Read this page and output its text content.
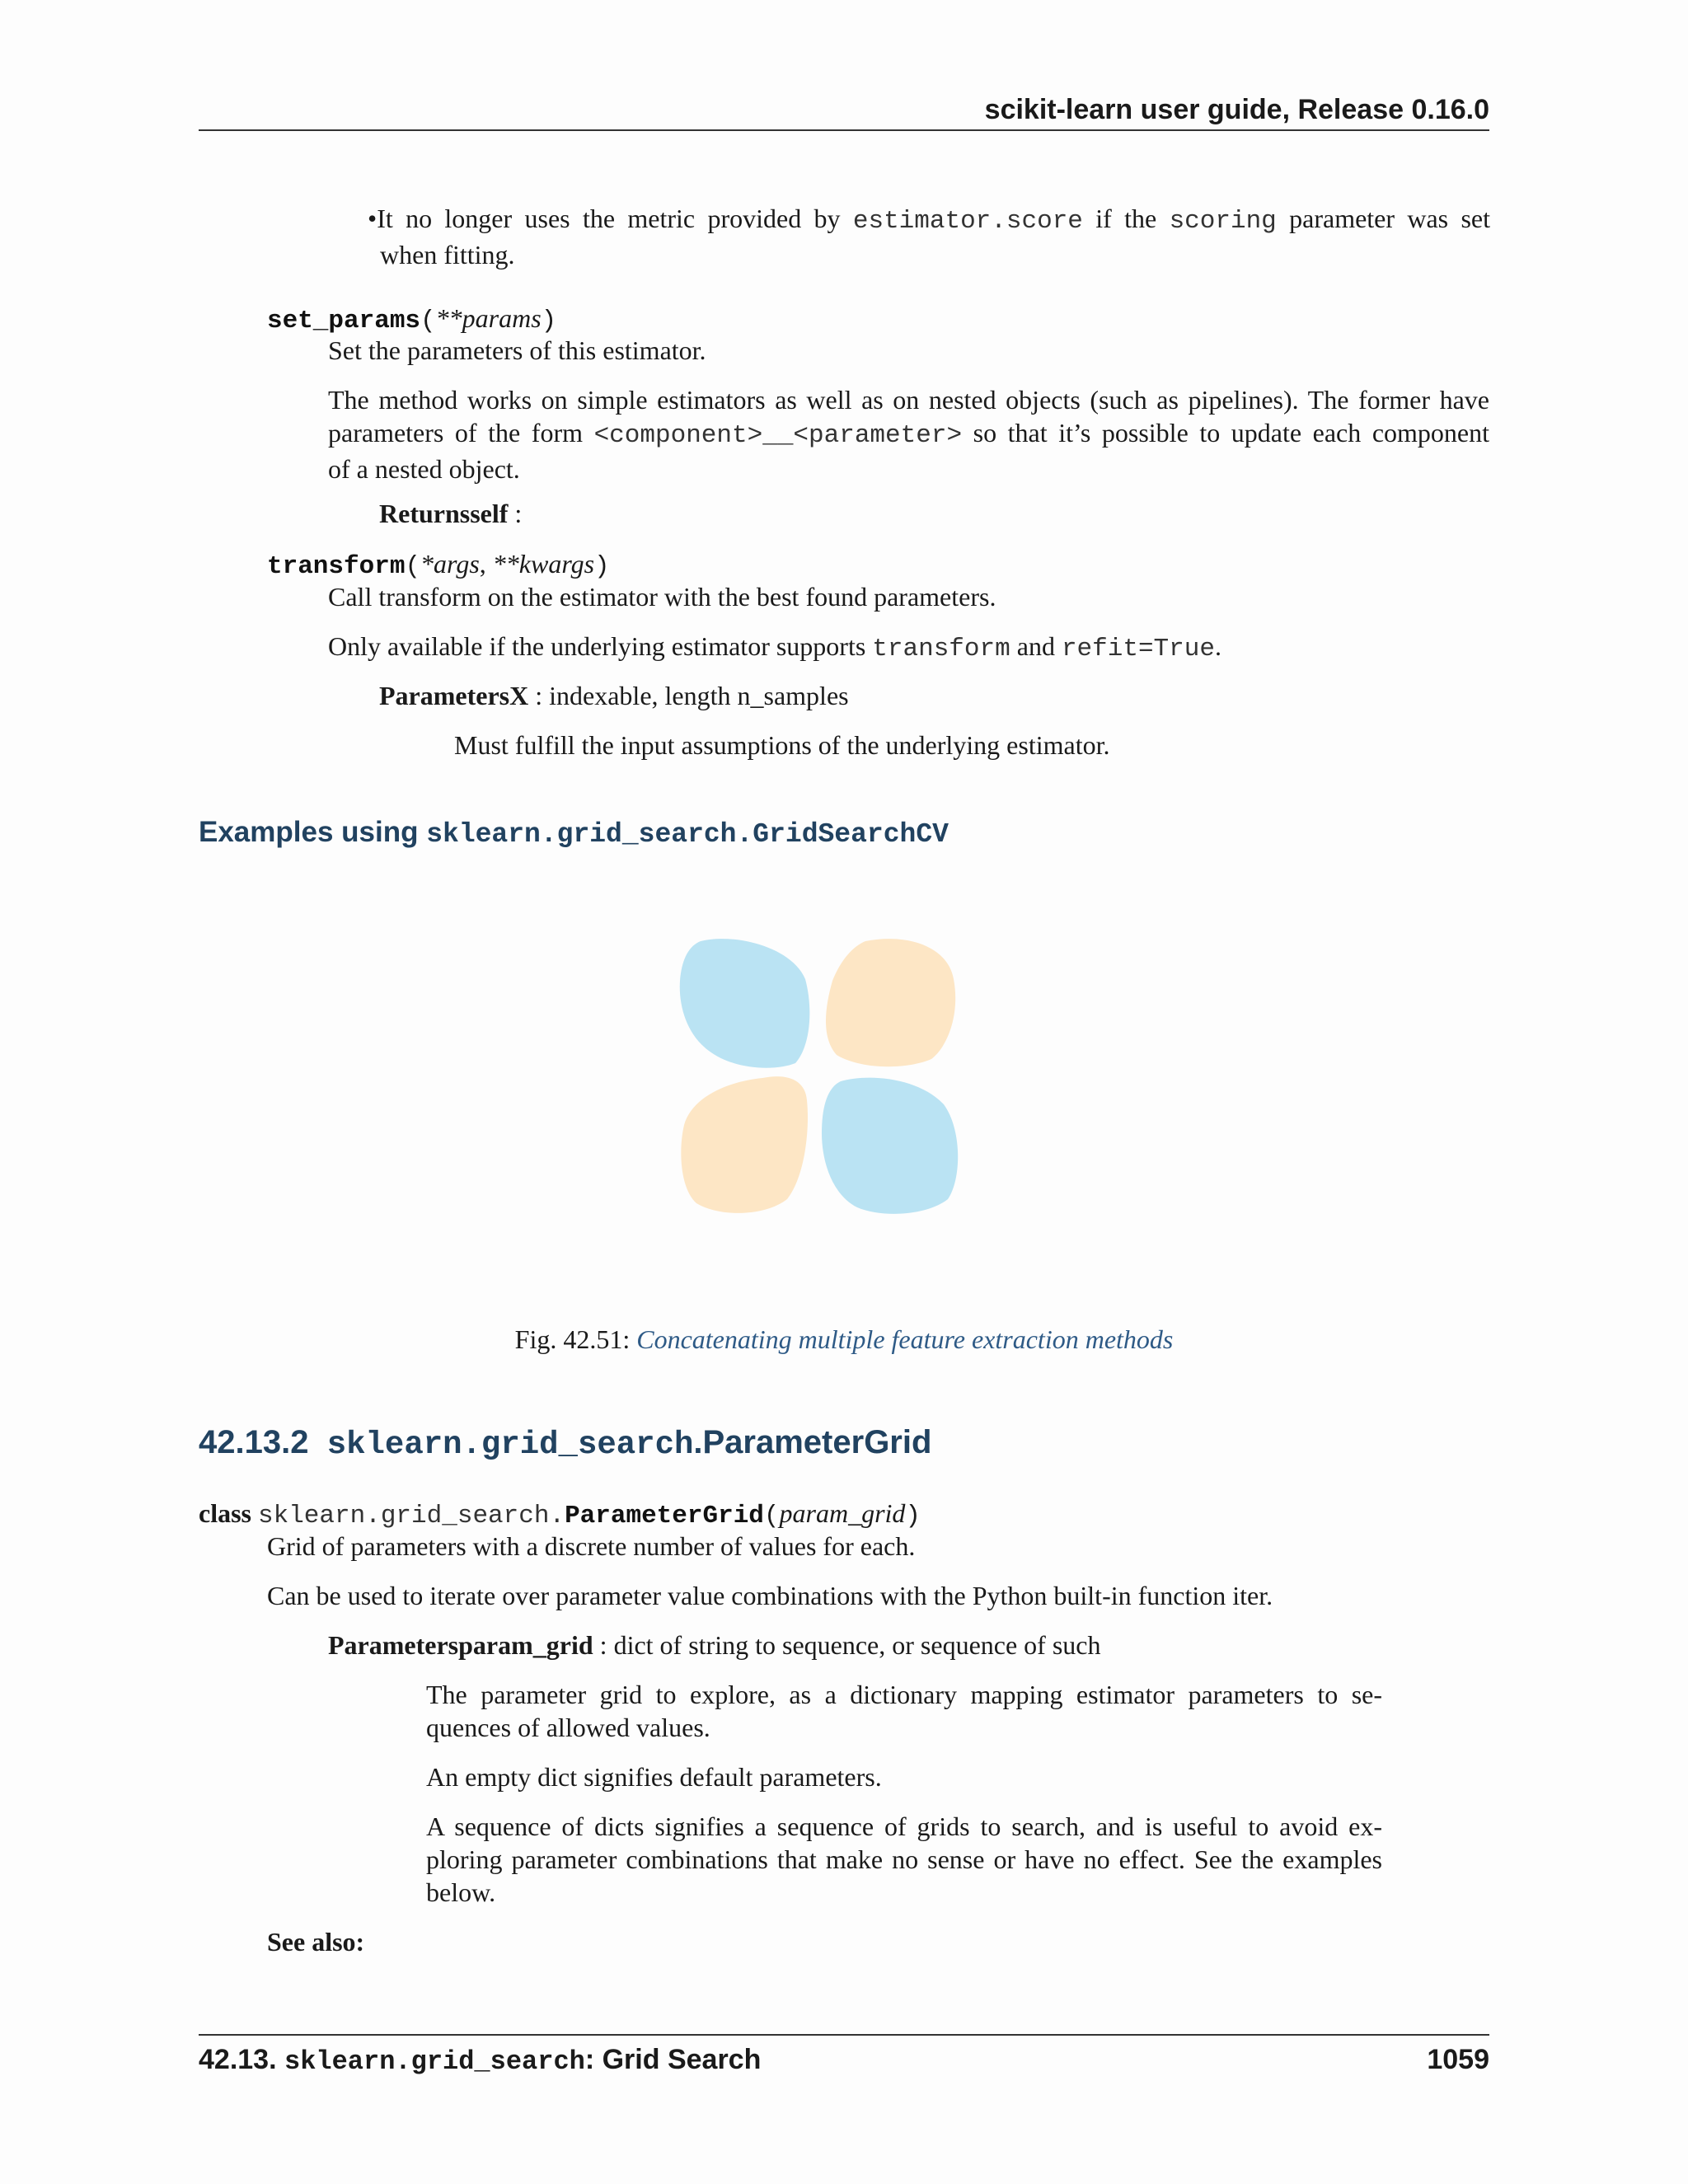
scikit-learn user guide, Release 0.16.0
•It no longer uses the metric provided by estimator.score if the scoring parameter was set
when fitting.
set_params(**params)
Set the parameters of this estimator.
The method works on simple estimators as well as on nested objects (such as pipelines). The former have
parameters of the form <component>__<parameter> so that it’s possible to update each component
of a nested object.
Returnsself :
transform(*args, **kwargs)
Call transform on the estimator with the best found parameters.
Only available if the underlying estimator supports transform and refit=True.
ParametersX : indexable, length n_samples
Must fulfill the input assumptions of the underlying estimator.
Examples using sklearn.grid_search.GridSearchCV
Fig. 42.51: Concatenating multiple feature extraction methods
42.13.2 sklearn.grid_search.ParameterGrid
class sklearn.grid_search.ParameterGrid(param_grid)
Grid of parameters with a discrete number of values for each.
Can be used to iterate over parameter value combinations with the Python built-in function iter.
Parametersparam_grid : dict of string to sequence, or sequence of such
The parameter grid to explore, as a dictionary mapping estimator parameters to se-
quences of allowed values.
An empty dict signifies default parameters.
A sequence of dicts signifies a sequence of grids to search, and is useful to avoid ex-
ploring parameter combinations that make no sense or have no effect. See the examples
below.
See also:
42.13. sklearn.grid_search: Grid Search	1059
